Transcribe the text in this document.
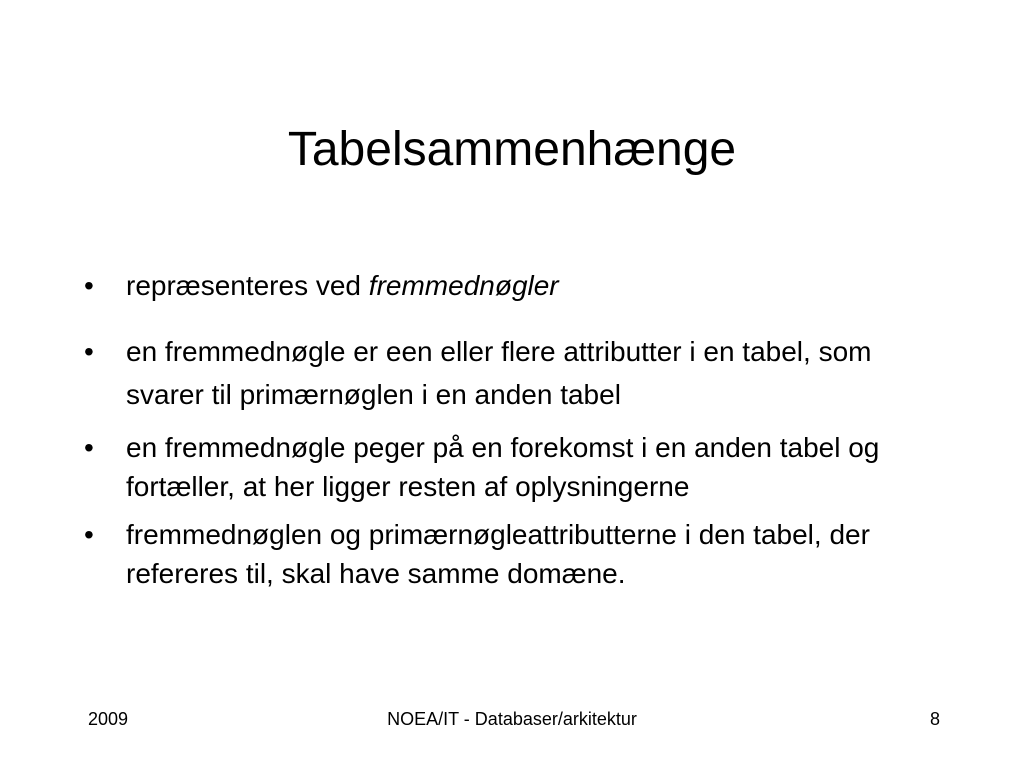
Tabelsammenhænge
• repræsenteres ved fremmednøgler
• en fremmednøgle er een eller flere attributter i en tabel, som svarer til primærnøglen i en anden tabel
• en fremmednøgle peger på en forekomst i en anden tabel og fortæller, at her ligger resten af oplysningerne
• fremmednøglen og primærnøgleattributterne i den tabel, der refereres til, skal have samme domæne.
2009	NOEA/IT - Databaser/arkitektur	8
